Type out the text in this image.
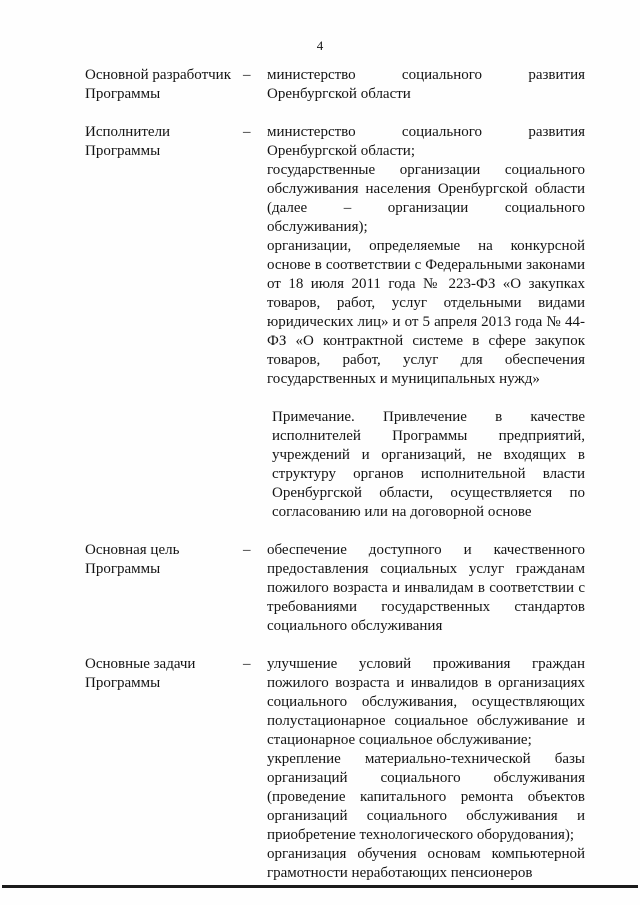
4
Основной разработчик
Программы
–	министерство социального развития Оренбургской области
Исполнители
Программы
–	министерство социального развития Оренбургской области;
государственные организации социального обслуживания населения Оренбургской области (далее – организации социального обслуживания);
организации, определяемые на конкурсной основе в соответствии с Федеральными законами от 18 июля 2011 года № 223-ФЗ «О закупках товаров, работ, услуг отдельными видами юридических лиц» и от 5 апреля 2013 года № 44-ФЗ «О контрактной системе в сфере закупок товаров, работ, услуг для обеспечения государственных и муниципальных нужд»
Примечание. Привлечение в качестве исполнителей Программы предприятий, учреждений и организаций, не входящих в структуру органов исполнительной власти Оренбургской области, осуществляется по согласованию или на договорной основе
Основная цель
Программы
–	обеспечение доступного и качественного предоставления социальных услуг гражданам пожилого возраста и инвалидам в соответствии с требованиями государственных стандартов социального обслуживания
Основные задачи
Программы
–	улучшение условий проживания граждан пожилого возраста и инвалидов в организациях социального обслуживания, осуществляющих полустационарное социальное обслуживание и стационарное социальное обслуживание;
укрепление материально-технической базы организаций социального обслуживания (проведение капитального ремонта объектов организаций социального обслуживания и приобретение технологического оборудования);
организация обучения основам компьютерной грамотности неработающих пенсионеров
